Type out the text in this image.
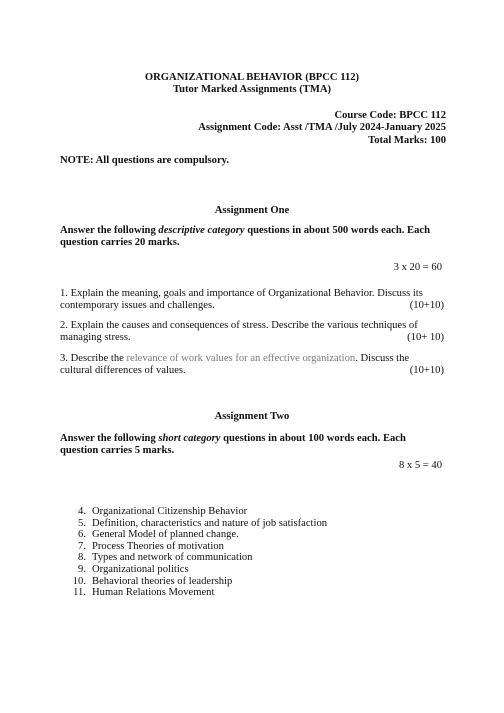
ORGANIZATIONAL BEHAVIOR (BPCC 112)
Tutor Marked Assignments (TMA)
Course Code: BPCC 112
Assignment Code: Asst /TMA /July 2024-January 2025
Total Marks: 100
NOTE: All questions are compulsory.
Assignment One
Answer the following descriptive category questions in about 500 words each. Each question carries 20 marks.
3 x 20 = 60
1. Explain the meaning, goals and importance of Organizational Behavior. Discuss its contemporary issues and challenges.	(10+10)
2. Explain the causes and consequences of stress. Describe the various techniques of managing stress.	(10+ 10)
3. Describe the relevance of work values for an effective organization. Discuss the cultural differences of values.	(10+10)
Assignment Two
Answer the following short category questions in about 100 words each. Each question carries 5 marks.
8 x 5 = 40
4. Organizational Citizenship Behavior
5. Definition, characteristics and nature of job satisfaction
6. General Model of planned change.
7. Process Theories of motivation
8. Types and network of communication
9. Organizational politics
10. Behavioral theories of leadership
11. Human Relations Movement
